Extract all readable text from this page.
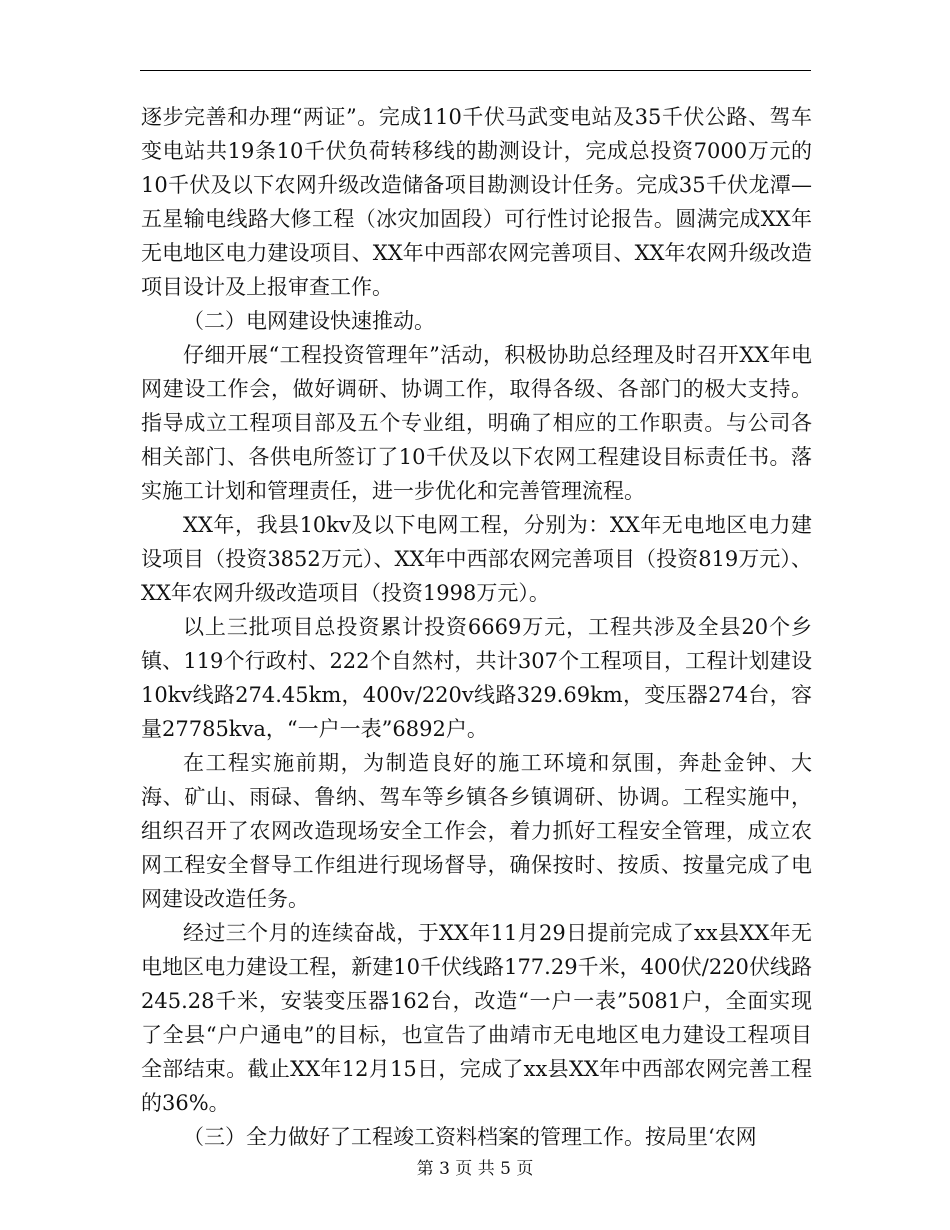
逐步完善和办理“两证”。完成110千伏马武变电站及35千伏公路、驾车变电站共19条10千伏负荷转移线的勘测设计，完成总投资7000万元的10千伏及以下农网升级改造储备项目勘测设计任务。完成35千伏龙潭—五星输电线路大修工程（冰灾加固段）可行性讨论报告。圆满完成XX年无电地区电力建设项目、XX年中西部农网完善项目、XX年农网升级改造项目设计及上报审查工作。

（二）电网建设快速推动。

仔细开展“工程投资管理年”活动，积极协助总经理及时召开XX年电网建设工作会，做好调研、协调工作，取得各级、各部门的极大支持。指导成立工程项目部及五个专业组，明确了相应的工作职责。与公司各相关部门、各供电所签订了10千伏及以下农网工程建设目标责任书。落实施工计划和管理责任，进一步优化和完善管理流程。

XX年，我县10kv及以下电网工程，分别为：XX年无电地区电力建设项目（投资3852万元）、XX年中西部农网完善项目（投资819万元）、XX年农网升级改造项目（投资1998万元）。

以上三批项目总投资累计投资6669万元，工程共涉及全县20个乡镇、119个行政村、222个自然村，共计307个工程项目，工程计划建设10kv线路274.45km，400v/220v线路329.69km，变压器274台，容量27785kva，“一户一表”6892户。

在工程实施前期，为制造良好的施工环境和氛围，奔赴金钟、大海、矿山、雨碌、鲁纳、驾车等乡镇各乡镇调研、协调。工程实施中，组织召开了农网改造现场安全工作会，着力抓好工程安全管理，成立农网工程安全督导工作组进行现场督导，确保按时、按质、按量完成了电网建设改造任务。

经过三个月的连续奋战，于XX年11月29日提前完成了xx县XX年无电地区电力建设工程，新建10千伏线路177.29千米，400伏/220伏线路245.28千米，安装变压器162台，改造“一户一表”5081户，全面实现了全县“户户通电”的目标，也宣告了曲靖市无电地区电力建设工程项目全部结束。截止XX年12月15日，完成了xx县XX年中西部农网完善工程的36%。

（三）全力做好了工程竣工资料档案的管理工作。按局里‘农网

第 3 页 共 5 页
